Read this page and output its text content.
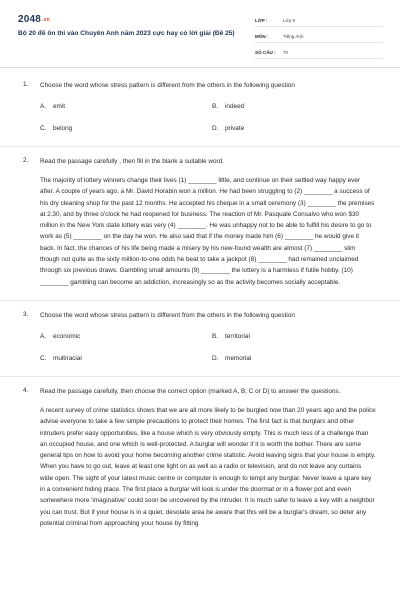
$2048^{.vn}$
Bộ 20 đề ôn thi vào Chuyên Anh năm 2023 cực hay có lời giải (Đề 25)
LỚP :	Lớp 9
MÔN :	Tiếng Anh
SỐ CÂU :	70
1. Choose the word whose stress pattern is different from the others in the following question
A.	emit	B.	indeed
C.	belong	D.	private
2. Read the passage carefully , then fill in the blank a suitable word.
The majority of lottery winners change their lives (1) ________ little, and continue on their settled way happy ever after. A couple of years ago, a Mr. David Horabin won a million. He had been struggling to (2) ________ a success of his dry cleaning shop for the past 12 months. He accepted his cheque in a small ceremony (3) ________ the premises at 2.30, and by three o'clock he had reopened for business. The reaction of Mr. Pasquale Consalvo who won $30 million in the New York state lottery was very (4) ________. He was unhappy not to be able to fulfill his desire to go to work as (5) ________ on the day he won. He also said that if the money made him (6) ________ he would give it back. In fact, the chances of his life being made a misery by his new-found wealth are almost (7) ________ slim though not quite as the sixty million-to-one odds he beat to take a jackpot (8) ________ had remained unclaimed through six previous draws. Gambling small amounts (9) ________ the lottery is a harmless if futile hobby. (10) ________ gambling can become an addiction, increasingly so as the activity becomes socially acceptable.
3. Choose the word whose stress pattern is different from the others in the following question
A.	economic	B.	territorial
C.	multiracial	D.	memorial
4. Read the passage carefully, then choose the correct option (marked A, B, C or D) to answer the questions.
A recent survey of crime statistics shows that we are all more likely to be burgled now than 20 years ago and the police advise everyone to take a few simple precautions to protect their homes. The first fact is that burglars and other intruders prefer easy opportunities, like a house which is very obviously empty. This is much less of a challenge than an occupied house, and one which is well-protected. A burglar will wonder if it is worth the bother. There are some general tips on how to avoid your home becoming another crime statistic. Avoid leaving signs that your house is empty. When you have to go out, leave at least one light on as well as a radio or television, and do not leave any curtains wide open. The sight of your latest music centre or computer is enough to tempt any burglar. Never leave a spare key in a convenient hiding place. The first place a burglar will look is under the doormat or in a flower pot and even somewhere more 'imaginative' could soon be uncovered by the intruder. It is much safer to leave a key with a neighbor you can trust. But if your house is in a quiet, desolate area be aware that this will be a burglar's dream, so deter any potential criminal from approaching your house by fitting
